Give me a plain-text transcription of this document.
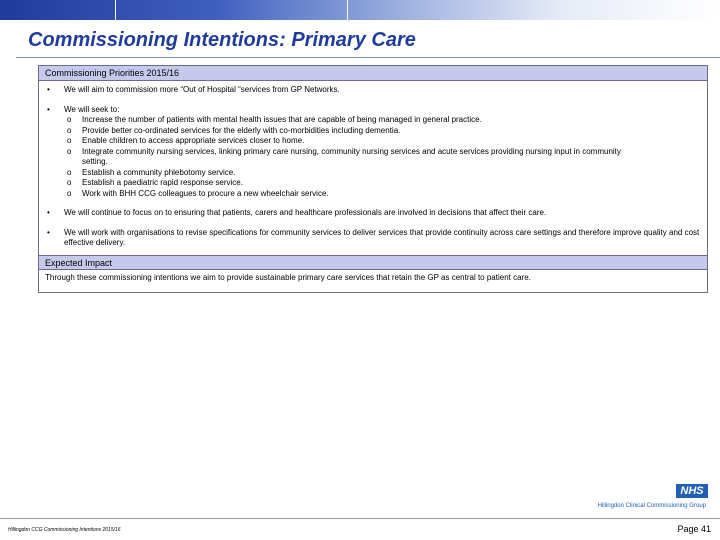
Commissioning Intentions: Primary Care
Commissioning Priorities 2015/16
• We will aim to commission more “Out of Hospital “services from GP Networks.
• We will seek to:
o Increase the number of patients with mental health issues that are capable of being managed in general practice.
o Provide better co-ordinated services for the elderly with co-morbidities including dementia.
o Enable children to access appropriate services closer to home.
o Integrate community nursing services, linking primary care nursing, community nursing services and acute services providing nursing input in community setting.
o Establish a community phlebotomy service.
o Establish a paediatric rapid response service.
o Work with BHH CCG colleagues to procure a new wheelchair service.
• We will continue to focus on to ensuring that patients, carers and healthcare professionals are involved in decisions that affect their care.
• We will work with organisations to revise specifications for community services to deliver services that provide continuity across care settings and therefore improve quality and cost effective delivery.
Expected Impact
Through these commissioning intentions we aim to provide sustainable primary care services that retain the GP as central to patient care.
NHS
Hillingdon Clinical Commissioning Group
Hillingdon CCG Commissioning Intentions 2015/16	Page 41
